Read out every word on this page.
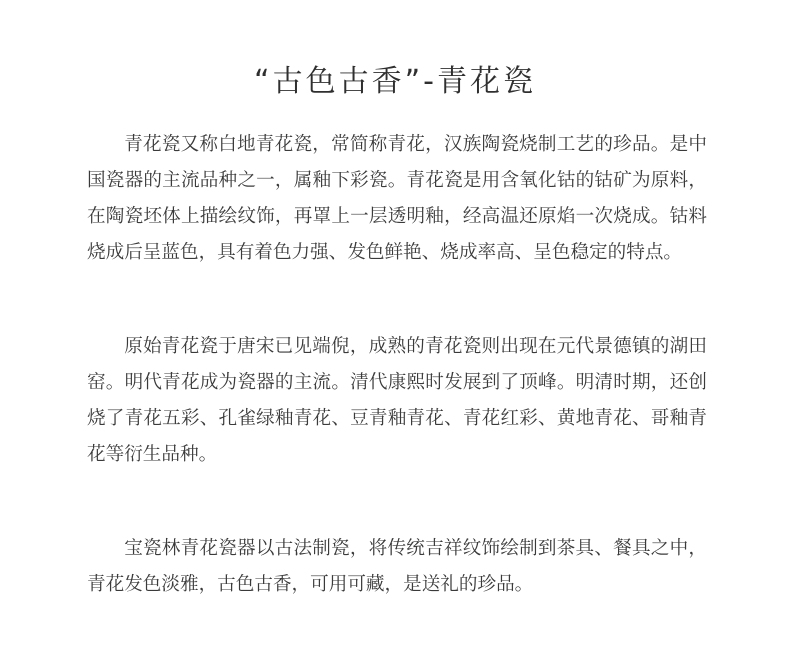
“古色古香”-青花瓷

青花瓷又称白地青花瓷，常简称青花，汉族陶瓷烧制工艺的珍品。是中国瓷器的主流品种之一，属釉下彩瓷。青花瓷是用含氧化钴的钴矿为原料，在陶瓷坯体上描绘纹饰，再罩上一层透明釉，经高温还原焰一次烧成。钴料烧成后呈蓝色，具有着色力强、发色鲜艳、烧成率高、呈色稳定的特点。

原始青花瓷于唐宋已见端倪，成熟的青花瓷则出现在元代景德镇的湖田窑。明代青花成为瓷器的主流。清代康熙时发展到了顶峰。明清时期，还创烧了青花五彩、孔雀绿釉青花、豆青釉青花、青花红彩、黄地青花、哥釉青花等衍生品种。

宝瓷林青花瓷器以古法制瓷，将传统吉祥纹饰绘制到茶具、餐具之中，青花发色淡雅，古色古香，可用可藏，是送礼的珍品。
